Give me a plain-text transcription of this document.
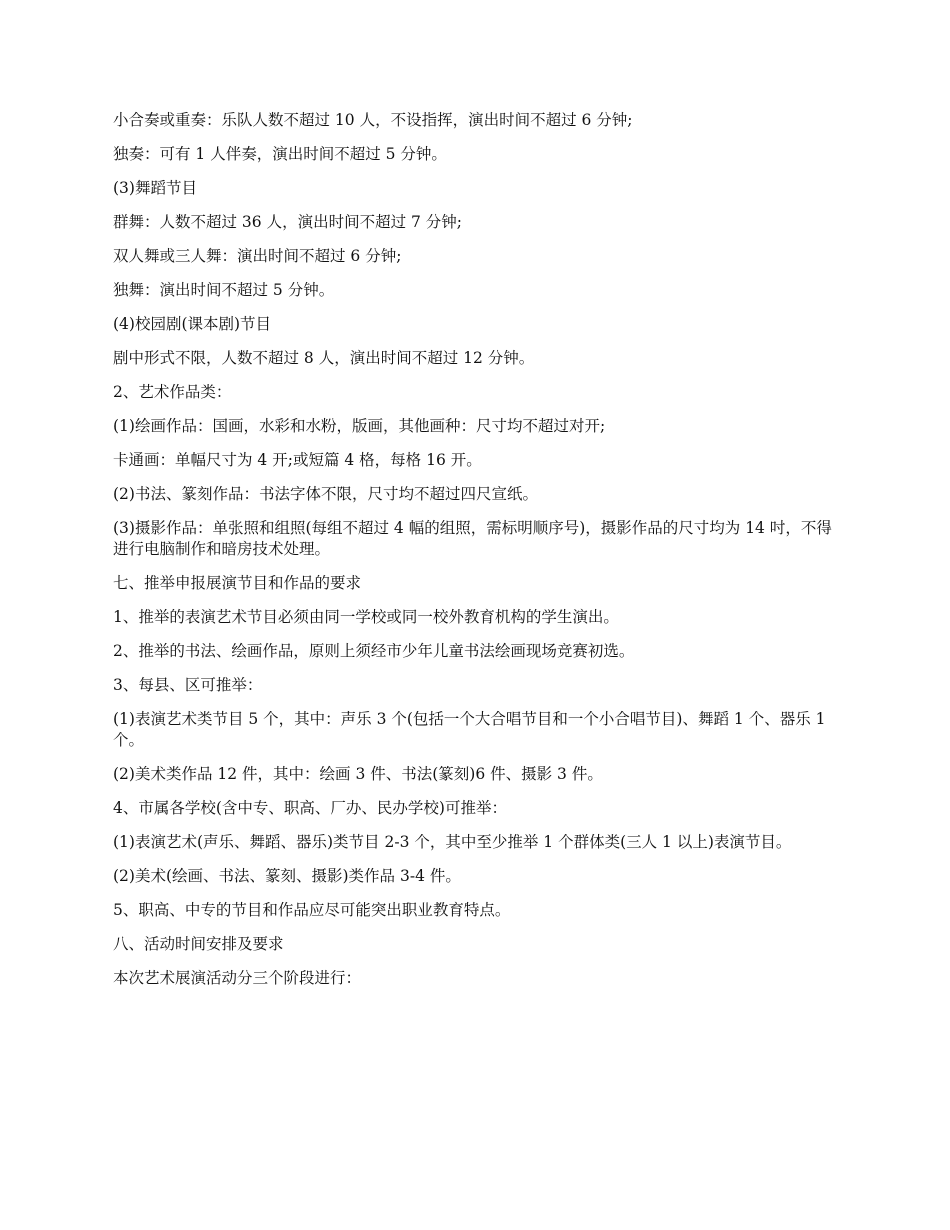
小合奏或重奏：乐队人数不超过 10 人，不设指挥，演出时间不超过 6 分钟;

独奏：可有 1 人伴奏，演出时间不超过 5 分钟。

(3)舞蹈节目

群舞：人数不超过 36 人，演出时间不超过 7 分钟;

双人舞或三人舞：演出时间不超过 6 分钟;

独舞：演出时间不超过 5 分钟。

(4)校园剧(课本剧)节目

剧中形式不限，人数不超过 8 人，演出时间不超过 12 分钟。

2、艺术作品类：

(1)绘画作品：国画，水彩和水粉，版画，其他画种：尺寸均不超过对开;

卡通画：单幅尺寸为 4 开;或短篇 4 格，每格 16 开。

(2)书法、篆刻作品：书法字体不限，尺寸均不超过四尺宣纸。

(3)摄影作品：单张照和组照(每组不超过 4 幅的组照，需标明顺序号)，摄影作品的尺寸均为 14 吋，不得进行电脑制作和暗房技术处理。

七、推举申报展演节目和作品的要求

1、推举的表演艺术节目必须由同一学校或同一校外教育机构的学生演出。

2、推举的书法、绘画作品，原则上须经市少年儿童书法绘画现场竞赛初选。

3、每县、区可推举：

(1)表演艺术类节目 5 个，其中：声乐 3 个(包括一个大合唱节目和一个小合唱节目)、舞蹈 1 个、器乐 1 个。

(2)美术类作品 12 件，其中：绘画 3 件、书法(篆刻)6 件、摄影 3 件。

4、市属各学校(含中专、职高、厂办、民办学校)可推举：

(1)表演艺术(声乐、舞蹈、器乐)类节目 2-3 个，其中至少推举 1 个群体类(三人 1 以上)表演节目。

(2)美术(绘画、书法、篆刻、摄影)类作品 3-4 件。

5、职高、中专的节目和作品应尽可能突出职业教育特点。

八、活动时间安排及要求

本次艺术展演活动分三个阶段进行：
